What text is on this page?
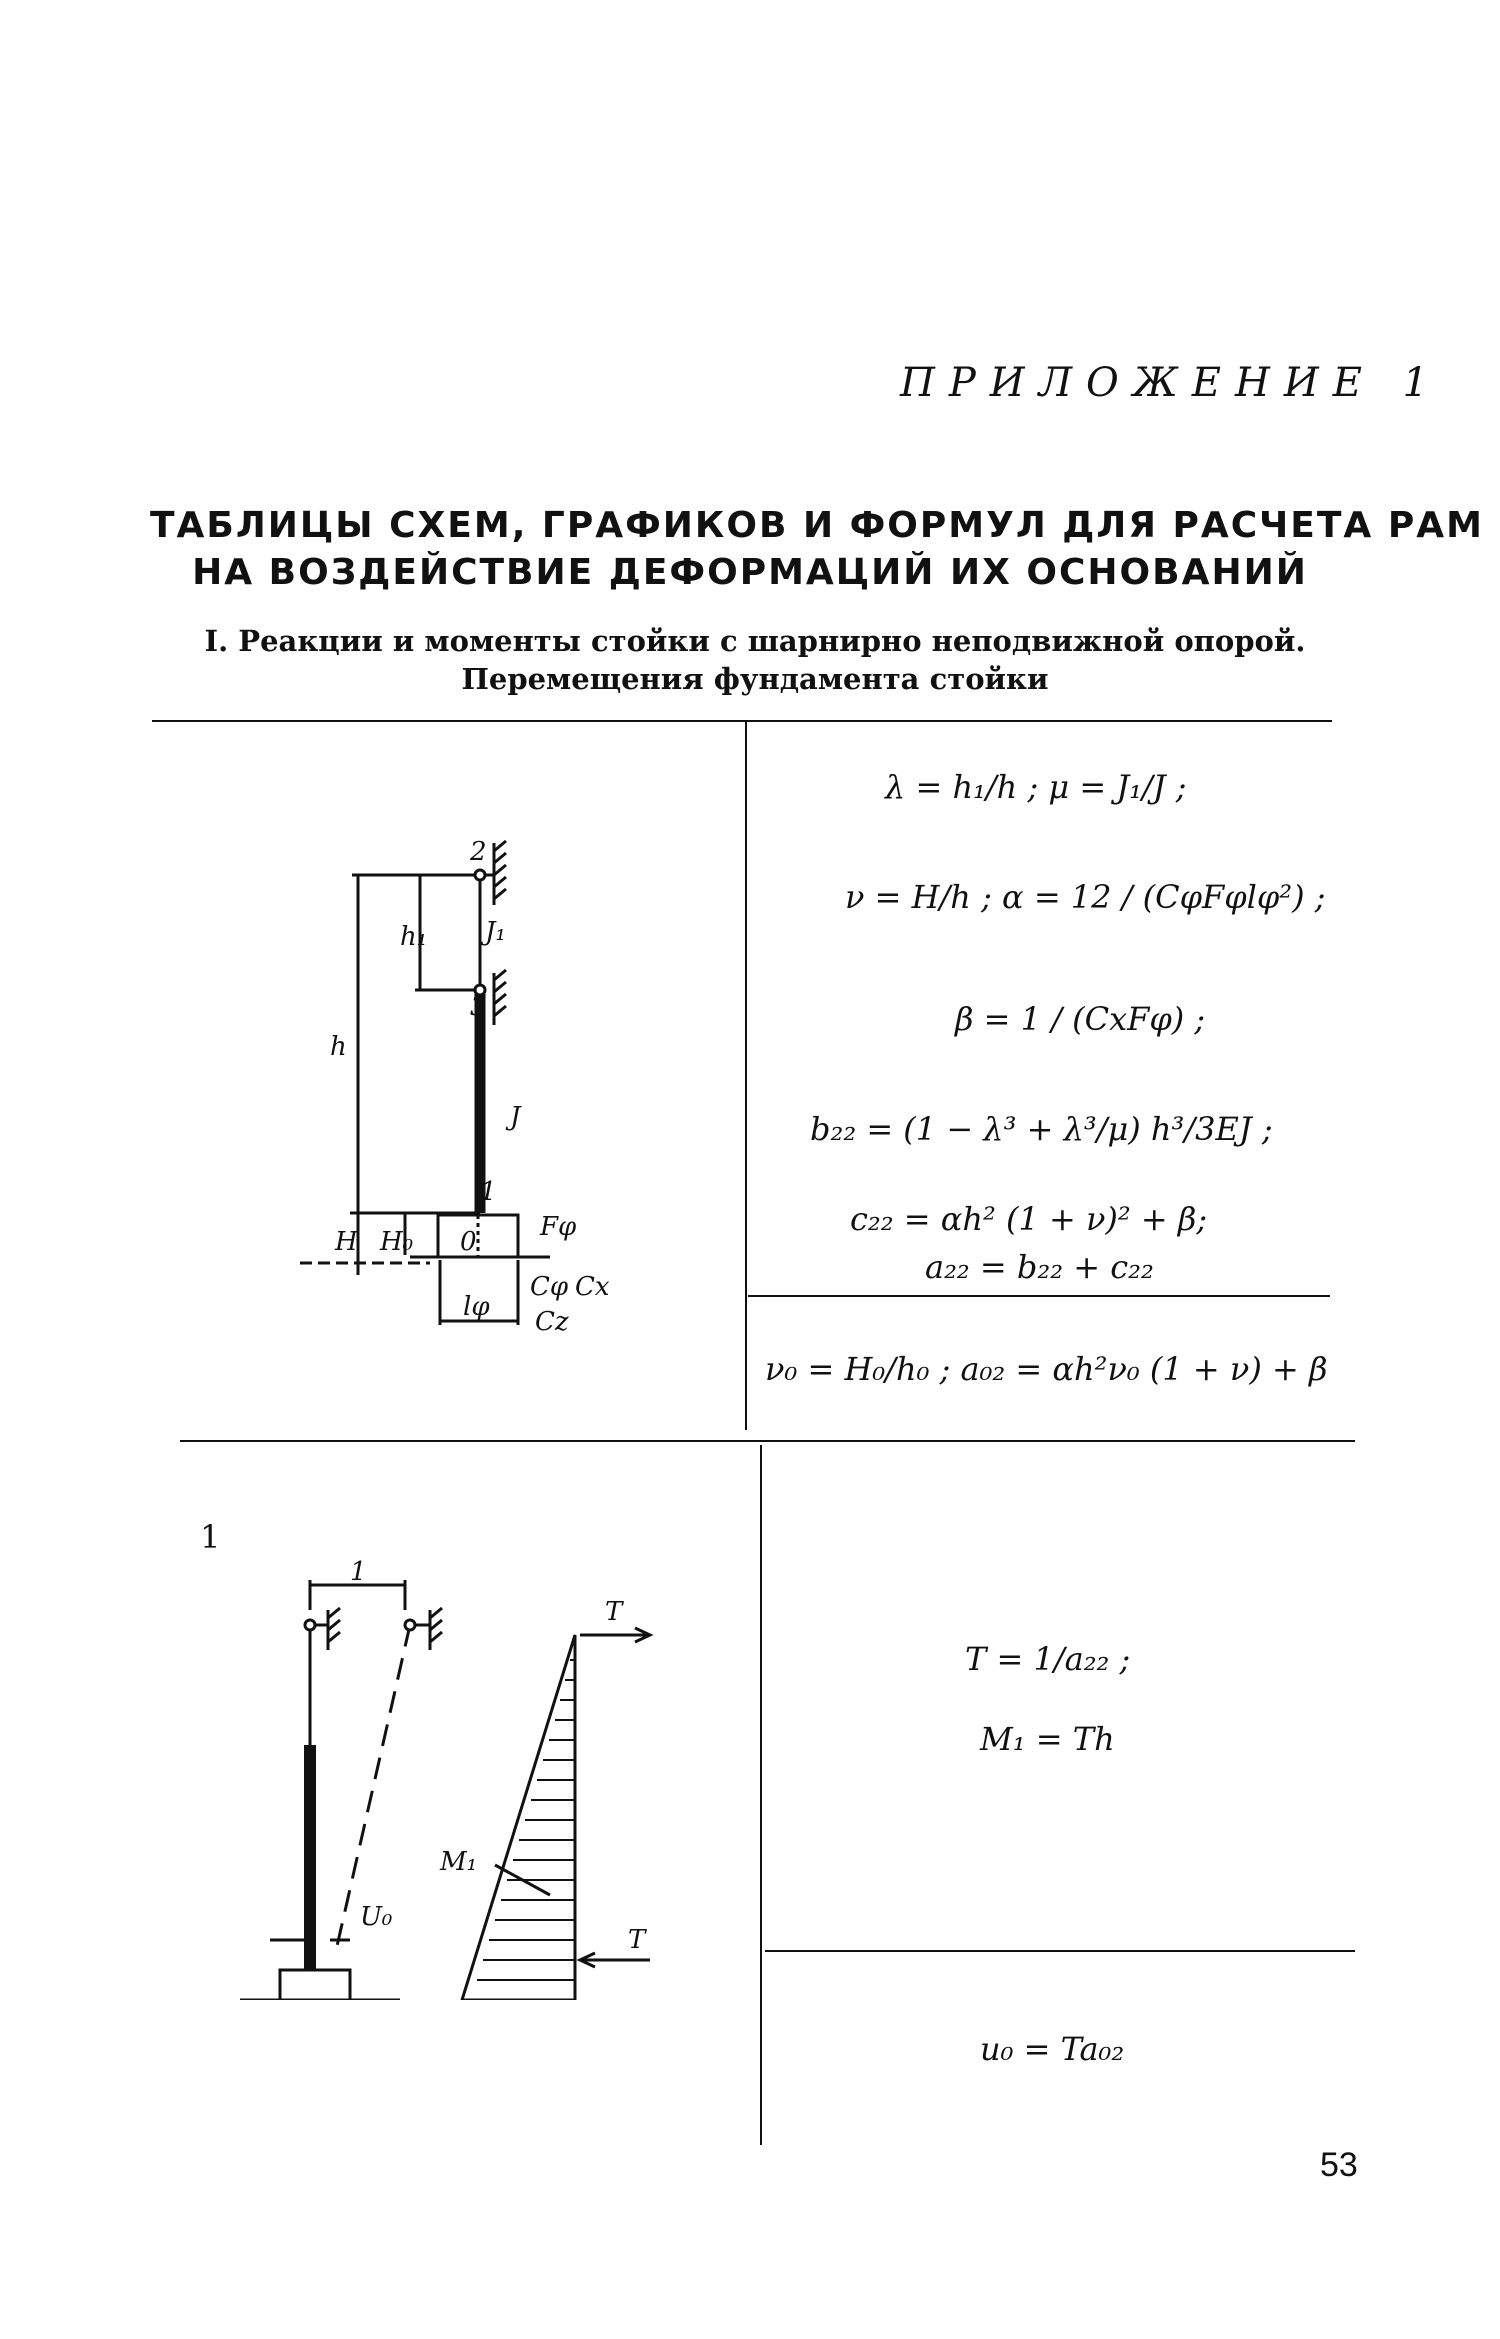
ПРИЛОЖЕНИЕ 1
ТАБЛИЦЫ СХЕМ, ГРАФИКОВ И ФОРМУЛ ДЛЯ РАСЧЕТА РАМ
НА ВОЗДЕЙСТВИЕ ДЕФОРМАЦИЙ ИХ ОСНОВАНИЙ
I. Реакции и моменты стойки с шарнирно неподвижной опорой.
Перемещения фундамента стойки
2
3
h₁ J₁
h
J
1
H H₀	Fφ
0
lφ
Cφ Cx
Cz
λ = h₁/h ; μ = J₁/J ;
ν = H/h ; α = 12 / (CφFφlφ²) ;
β = 1 / (CxFφ) ;
b₂₂ = (1 − λ³ + λ³/μ) h³/3EJ ;
c₂₂ = αh² (1 + ν)² + β;
a₂₂ = b₂₂ + c₂₂
ν₀ = H₀/h₀ ; a₀₂ = αh²ν₀ (1 + ν) + β
1
1
U₀
T
T
M₁
T = 1/a₂₂ ;
M₁ = Th
u₀ = Ta₀₂
53
